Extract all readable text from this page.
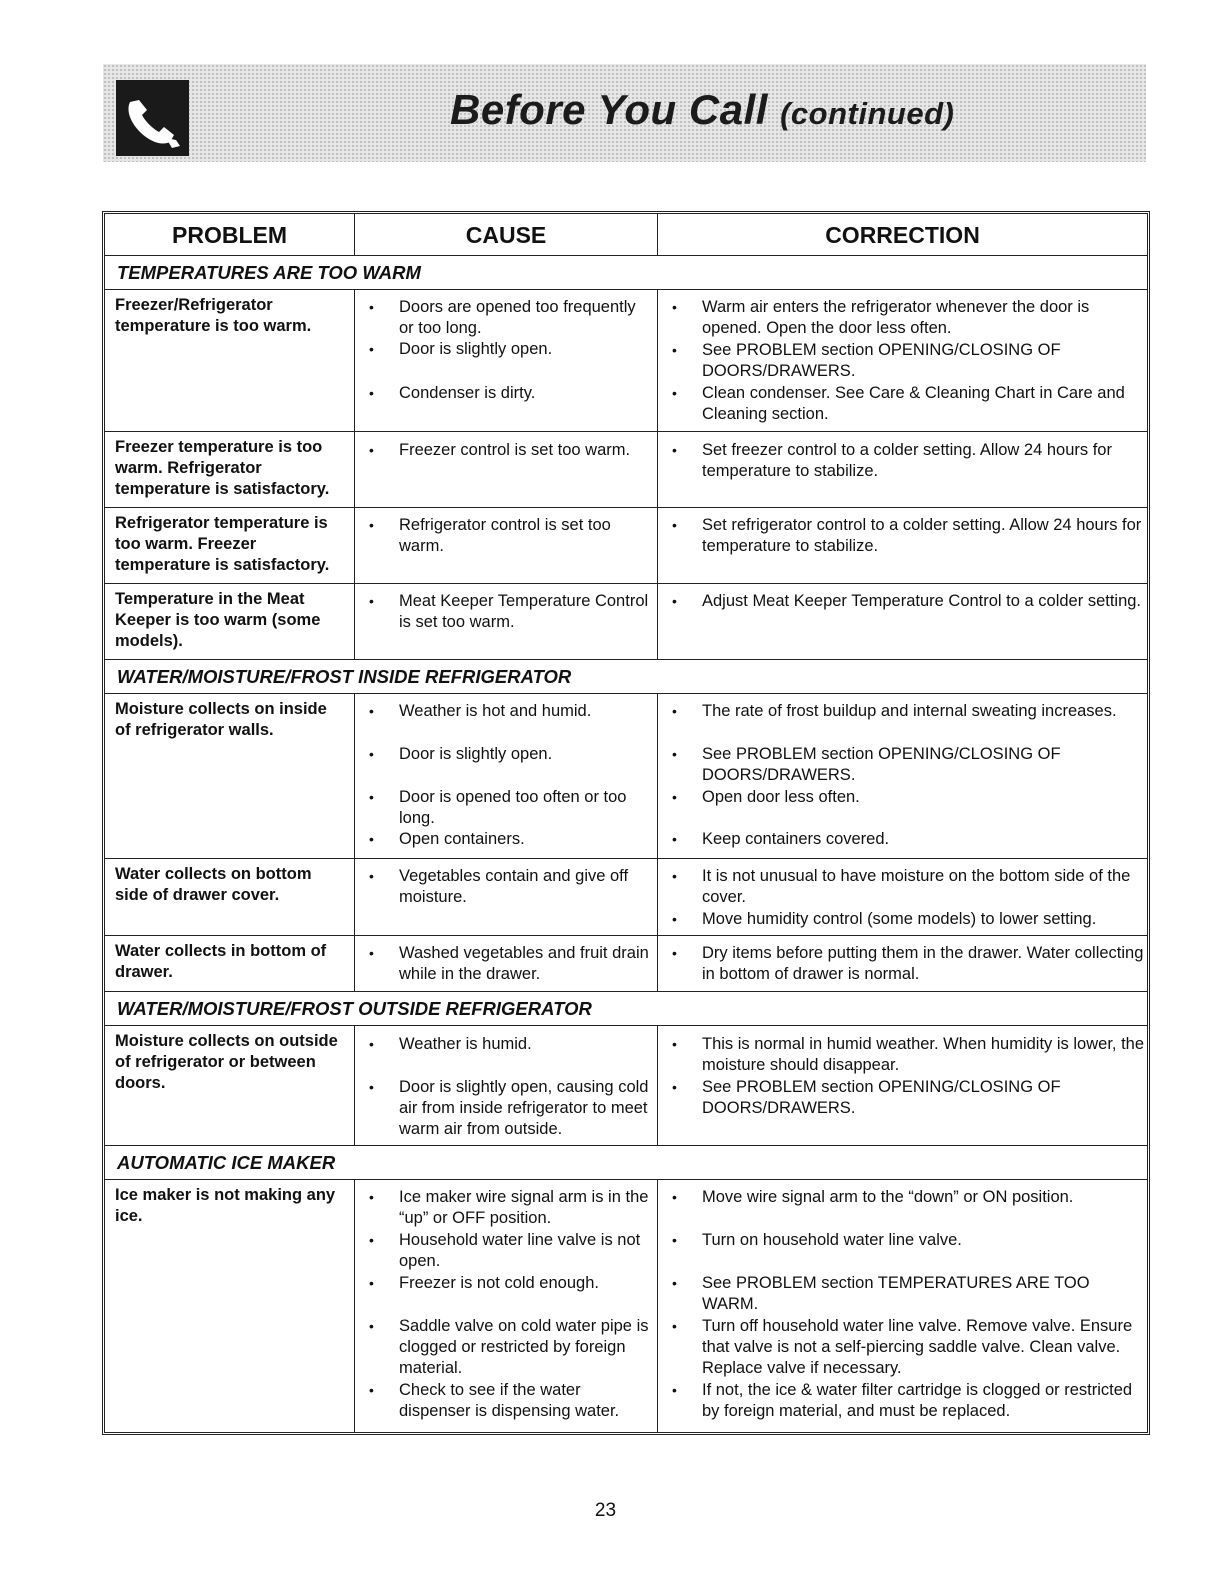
Before You Call (continued)
PROBLEM	CAUSE	CORRECTION
TEMPERATURES ARE TOO WARM
Freezer/Refrigerator temperature is too warm.
• Doors are opened too frequently or too long.
• Door is slightly open.
• Condenser is dirty.
• Warm air enters the refrigerator whenever the door is opened. Open the door less often.
• See PROBLEM section OPENING/CLOSING OF DOORS/DRAWERS.
• Clean condenser. See Care & Cleaning Chart in Care and Cleaning section.
Freezer temperature is too warm. Refrigerator temperature is satisfactory.
• Freezer control is set too warm.
•	Set freezer control to a colder setting. Allow 24 hours for temperature to stabilize.
Refrigerator temperature is too warm. Freezer temperature is satisfactory.
• Refrigerator control is set too warm.
• Set refrigerator control to a colder setting. Allow 24 hours for temperature to stabilize.
Temperature in the Meat Keeper is too warm (some models).
• Meat Keeper Temperature Control is set too warm.
• Adjust Meat Keeper Temperature Control to a colder setting.
WATER/MOISTURE/FROST INSIDE REFRIGERATOR
Moisture collects on inside of refrigerator walls.
• Weather is hot and humid.
• Door is slightly open.
• Door is opened too often or too long.
• Open containers.
• The rate of frost buildup and internal sweating increases.
• See PROBLEM section OPENING/CLOSING OF DOORS/DRAWERS.
• Open door less often.
• Keep containers covered.
Water collects on bottom side of drawer cover.
• Vegetables contain and give off moisture.
• It is not unusual to have moisture on the bottom side of the cover.
• Move humidity control (some models) to lower setting.
Water collects in bottom of drawer.
• Washed vegetables and fruit drain while in the drawer.
• Dry items before putting them in the drawer. Water collecting in bottom of drawer is normal.
WATER/MOISTURE/FROST OUTSIDE REFRIGERATOR
Moisture collects on outside of refrigerator or between doors.
• Weather is humid.
• Door is slightly open, causing cold air from inside refrigerator to meet warm air from outside.
• This is normal in humid weather. When humidity is lower, the moisture should disappear.
• See PROBLEM section OPENING/CLOSING OF DOORS/DRAWERS.
AUTOMATIC ICE MAKER
Ice maker is not making any ice.
• Ice maker wire signal arm is in the “up” or OFF position.
• Household water line valve is not open.
• Freezer is not cold enough.
• Saddle valve on cold water pipe is clogged or restricted by foreign material.
• Check to see if the water dispenser is dispensing water.
• Move wire signal arm to the “down” or ON position.
• Turn on household water line valve.
• See PROBLEM section TEMPERATURES ARE TOO WARM.
• Turn off household water line valve. Remove valve. Ensure that valve is not a self-piercing saddle valve. Clean valve. Replace valve if necessary.
• If not, the ice & water filter cartridge is clogged or restricted by foreign material, and must be replaced.
23
